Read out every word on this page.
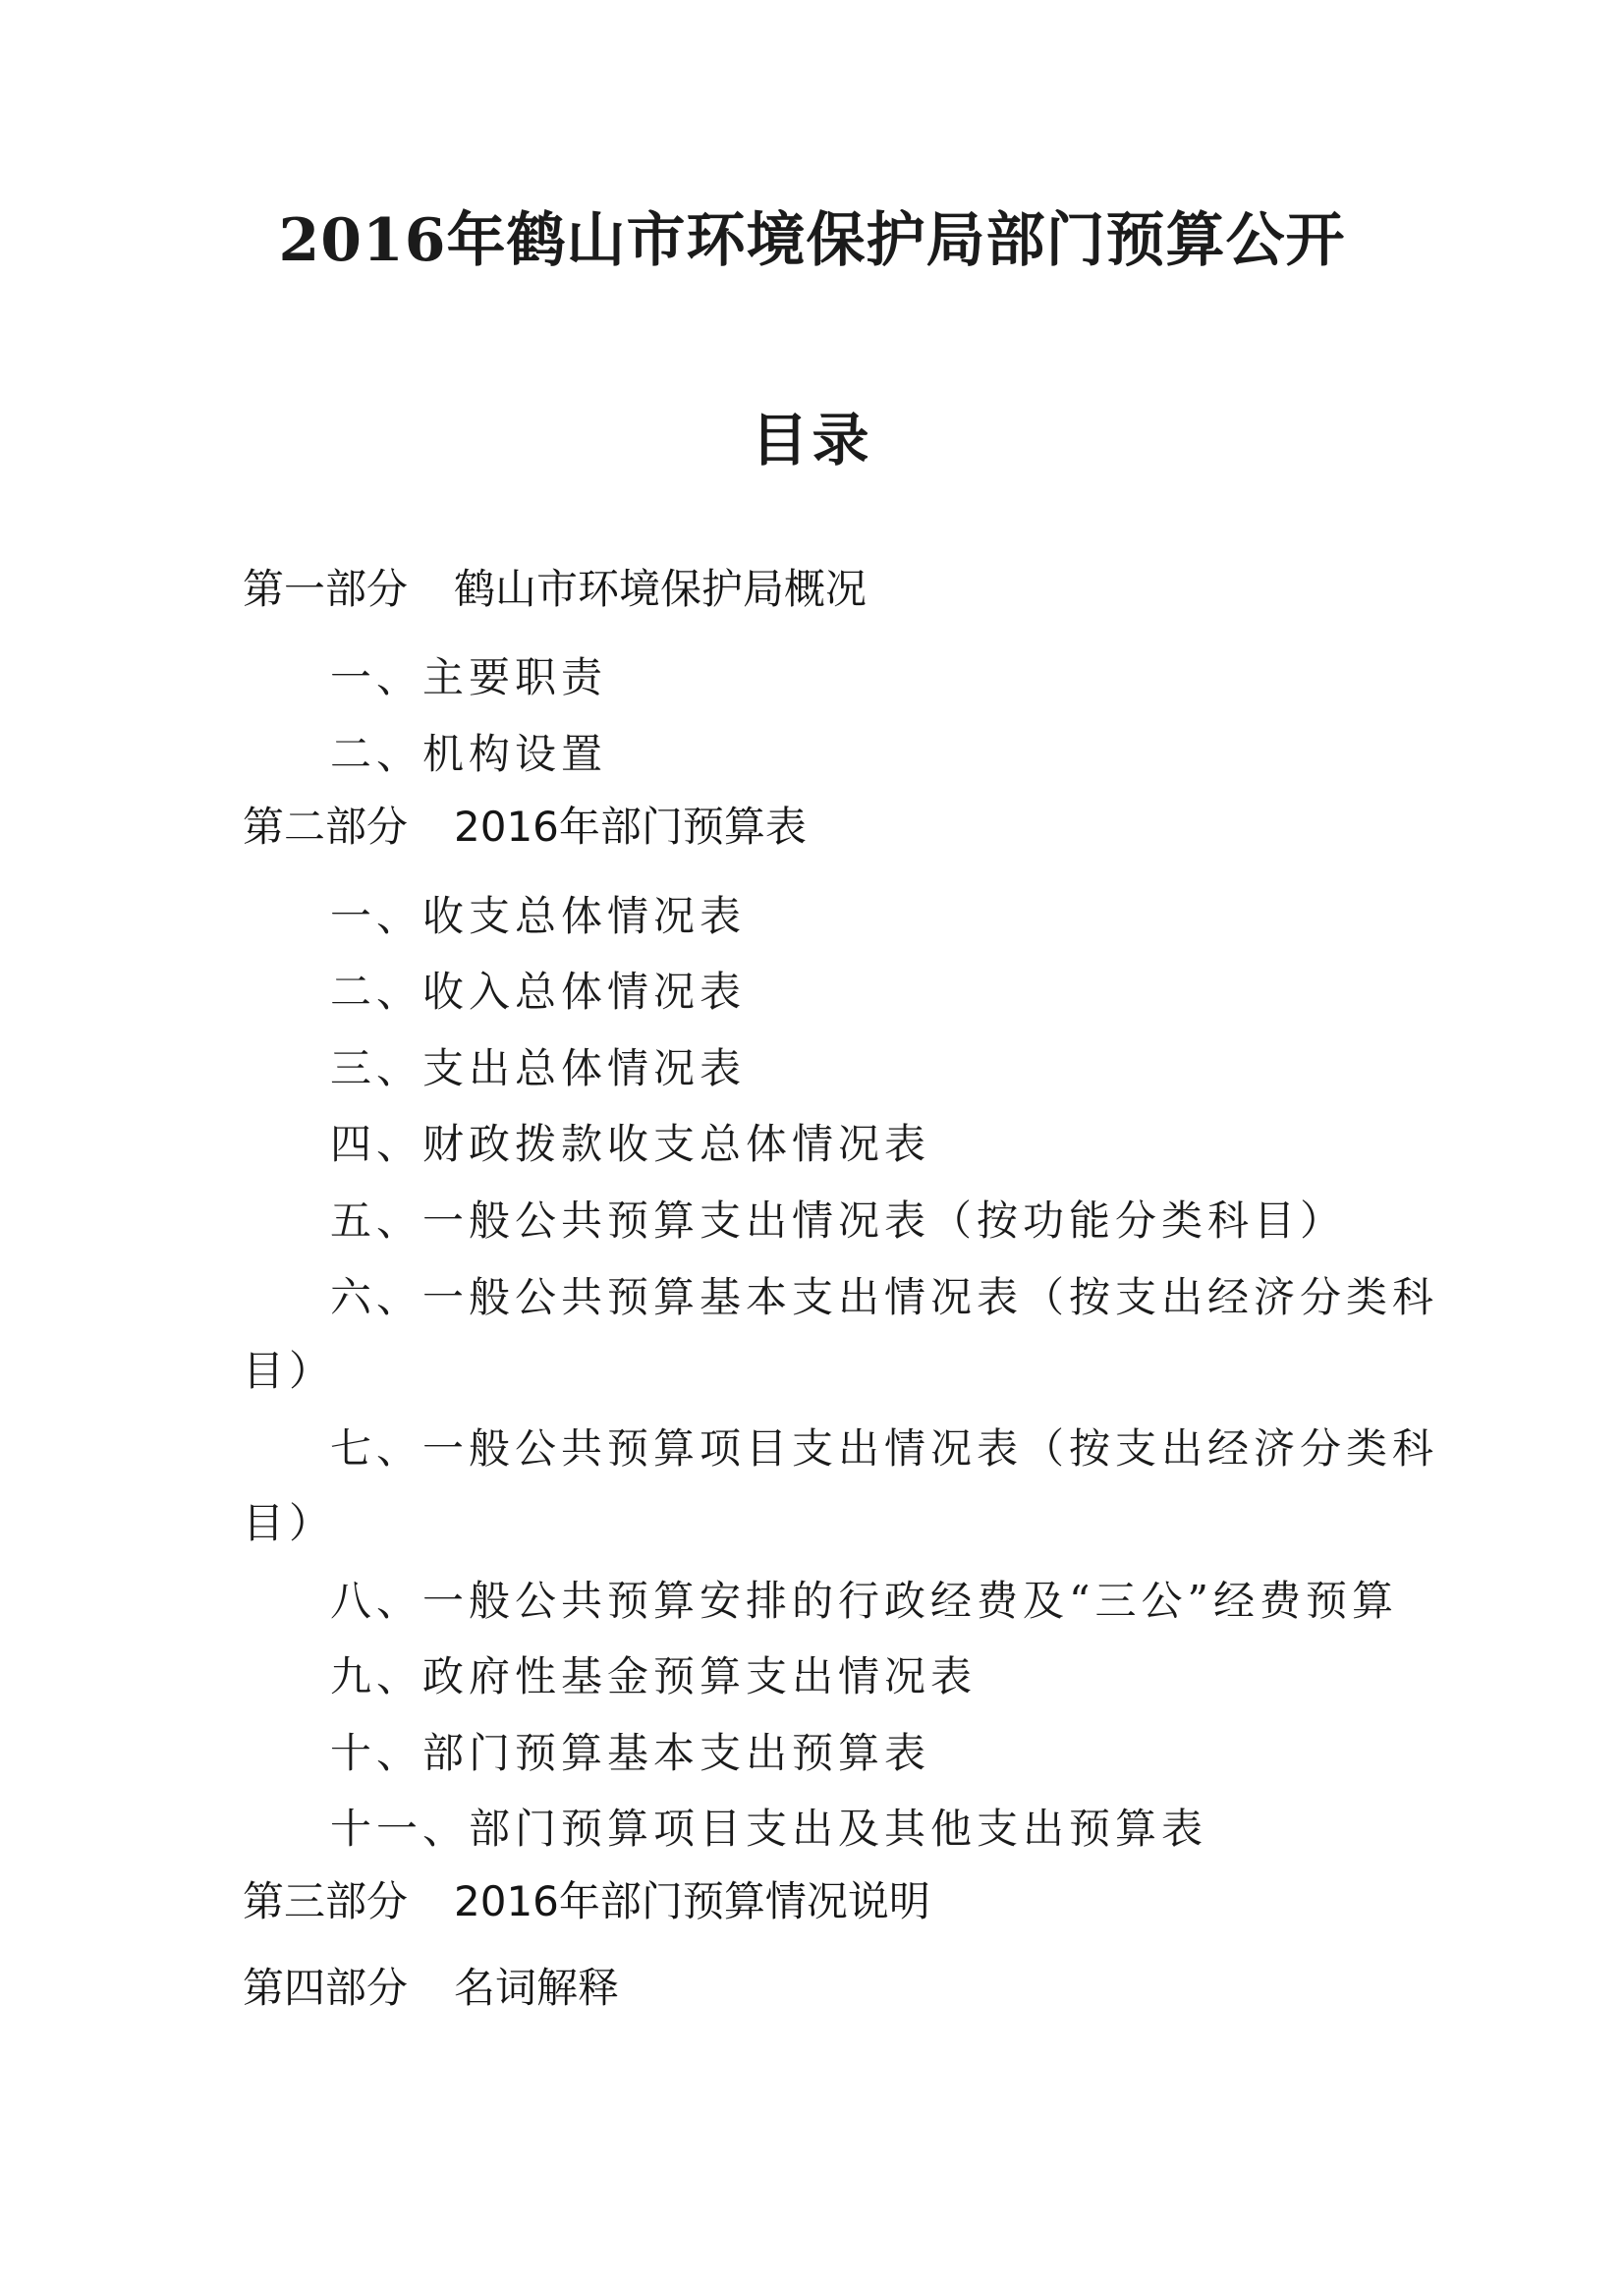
2016年鹤山市环境保护局部门预算公开
目录
第一部分 鹤山市环境保护局概况
一、主要职责
二、机构设置
第二部分 2016年部门预算表
一、收支总体情况表
二、收入总体情况表
三、支出总体情况表
四、财政拨款收支总体情况表
五、一般公共预算支出情况表（按功能分类科目）
六、一般公共预算基本支出情况表（按支出经济分类科
目）
七、一般公共预算项目支出情况表（按支出经济分类科
目）
八、一般公共预算安排的行政经费及“三公”经费预算
九、政府性基金预算支出情况表
十、部门预算基本支出预算表
十一、部门预算项目支出及其他支出预算表
第三部分 2016年部门预算情况说明
第四部分 名词解释
